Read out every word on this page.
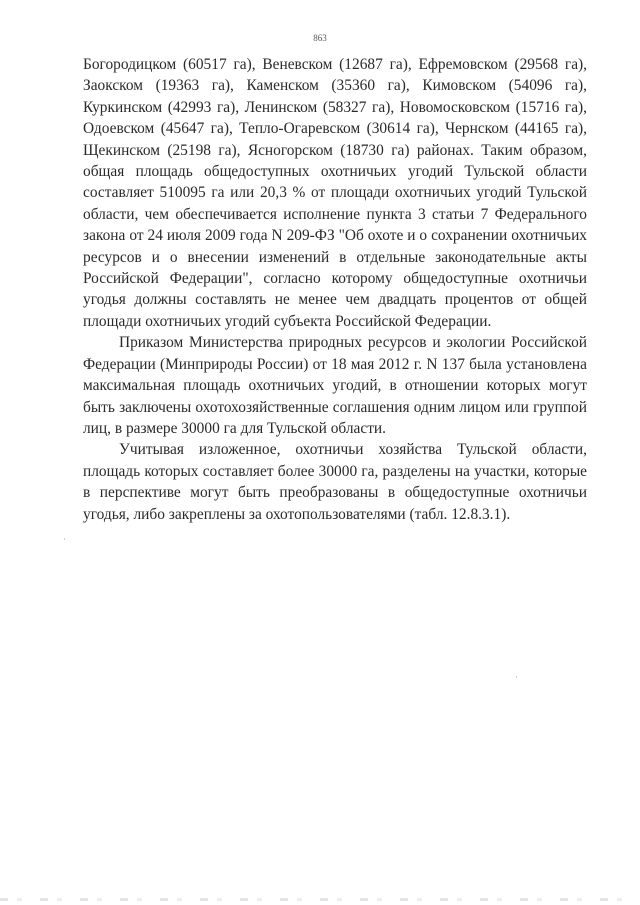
863

Богородицком (60517 га), Веневском (12687 га), Ефремовском (29568 га), Заокском (19363 га), Каменском (35360 га), Кимовском (54096 га), Куркинском (42993 га), Ленинском (58327 га), Новомосковском (15716 га), Одоевском (45647 га), Тепло-Огаревском (30614 га), Чернском (44165 га), Щекинском (25198 га), Ясногорском (18730 га) районах. Таким образом, общая площадь общедоступных охотничьих угодий Тульской области составляет 510095 га или 20,3 % от площади охотничьих угодий Тульской области, чем обеспечивается исполнение пункта 3 статьи 7 Федерального закона от 24 июля 2009 года N 209-ФЗ "Об охоте и о сохранении охотничьих ресурсов и о внесении изменений в отдельные законодательные акты Российской Федерации", согласно которому общедоступные охотничьи угодья должны составлять не менее чем двадцать процентов от общей площади охотничьих угодий субъекта Российской Федерации.

Приказом Министерства природных ресурсов и экологии Российской Федерации (Минприроды России) от 18 мая 2012 г. N 137 была установлена максимальная площадь охотничьих угодий, в отношении которых могут быть заключены охотохозяйственные соглашения одним лицом или группой лиц, в размере 30000 га для Тульской области.

Учитывая изложенное, охотничьи хозяйства Тульской области, площадь которых составляет более 30000 га, разделены на участки, которые в перспективе могут быть преобразованы в общедоступные охотничьи угодья, либо закреплены за охотопользователями (табл. 12.8.3.1).
